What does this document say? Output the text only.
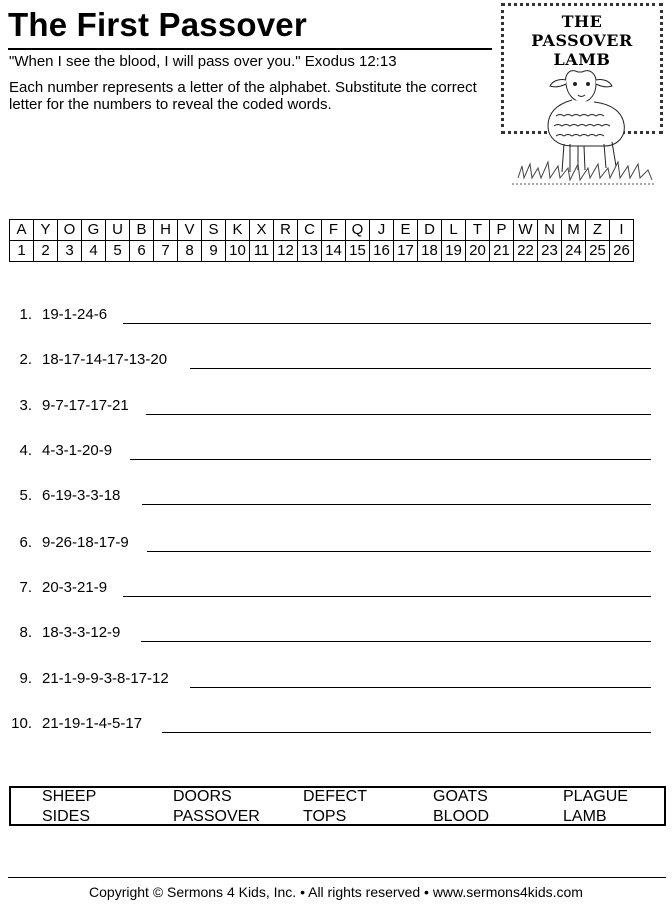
The First Passover
"When I see the blood, I will pass over you." Exodus 12:13
Each number represents a letter of the alphabet. Substitute the correct letter for the numbers to reveal the coded words.
THE
PASSOVER
LAMB
A	Y	O	G	U	B	H	V	S	K	X	R	C	F	Q	J	E	D	L	T	P	W	N	M	Z	I
1	2	3	4	5	6	7	8	9	10	11	12	13	14	15	16	17	18	19	20	21	22	23	24	25	26
1. 19-1-24-6
2. 18-17-14-17-13-20
3. 9-7-17-17-21
4. 4-3-1-20-9
5. 6-19-3-3-18
6. 9-26-18-17-9
7. 20-3-21-9
8. 18-3-3-12-9
9. 21-1-9-9-3-8-17-12
10. 21-19-1-4-5-17
SHEEP	DOORS	DEFECT	GOATS	PLAGUE
SIDES	PASSOVER	TOPS	BLOOD	LAMB
Copyright © Sermons 4 Kids, Inc. • All rights reserved • www.sermons4kids.com
